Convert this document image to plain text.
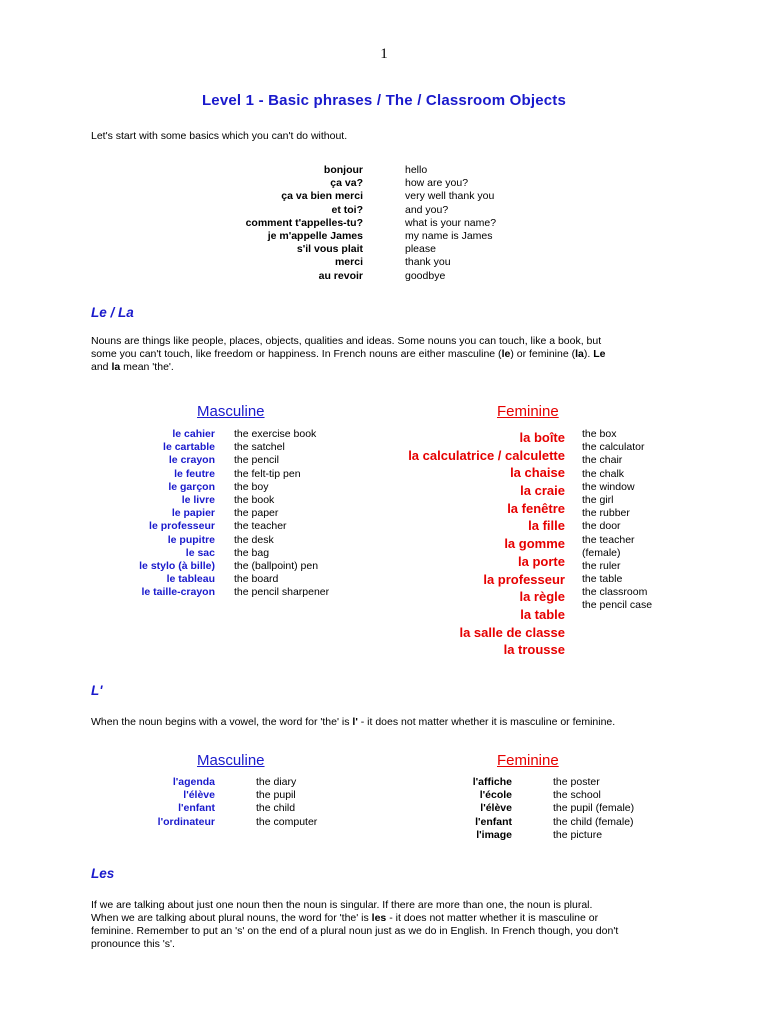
1
Level 1 - Basic phrases / The / Classroom Objects
Let's start with some basics which you can't do without.
bonjour
ça va?
ça va bien merci
et toi?
comment t'appelles-tu?
je m'appelle James
s'il vous plait
merci
au revoir
hello
how are you?
very well thank you
and you?
what is your name?
my name is James
please
thank you
goodbye
Le / La
Nouns are things like people, places, objects, qualities and ideas. Some nouns you can touch, like a book, but
some you can't touch, like freedom or happiness. In French nouns are either masculine (le) or feminine (la). Le
and la mean 'the'.
Masculine	Feminine
le cahier
le cartable
le crayon
le feutre
le garçon
le livre
le papier
le professeur
le pupitre
le sac
le stylo (à bille)
le tableau
le taille-crayon
the exercise book
the satchel
the pencil
the felt-tip pen
the boy
the book
the paper
the teacher
the desk
the bag
the (ballpoint) pen
the board
the pencil sharpener
la boîte
la calculatrice / calculette
la chaise
la craie
la fenêtre
la fille
la gomme
la porte
la professeur
la règle
la table
la salle de classe
la trousse
the box
the calculator
the chair
the chalk
the window
the girl
the rubber
the door
the teacher
(female)
the ruler
the table
the classroom
the pencil case
L'
When the noun begins with a vowel, the word for 'the' is l' - it does not matter whether it is masculine or feminine.
Masculine	Feminine
l'agenda
l'élève
l'enfant
l'ordinateur
the diary
the pupil
the child
the computer
l'affiche
l'école
l'élève
l'enfant
l'image
the poster
the school
the pupil (female)
the child (female)
the picture
Les
If we are talking about just one noun then the noun is singular. If there are more than one, the noun is plural.
When we are talking about plural nouns, the word for 'the' is les - it does not matter whether it is masculine or
feminine. Remember to put an 's' on the end of a plural noun just as we do in English. In French though, you don't
pronounce this 's'.
